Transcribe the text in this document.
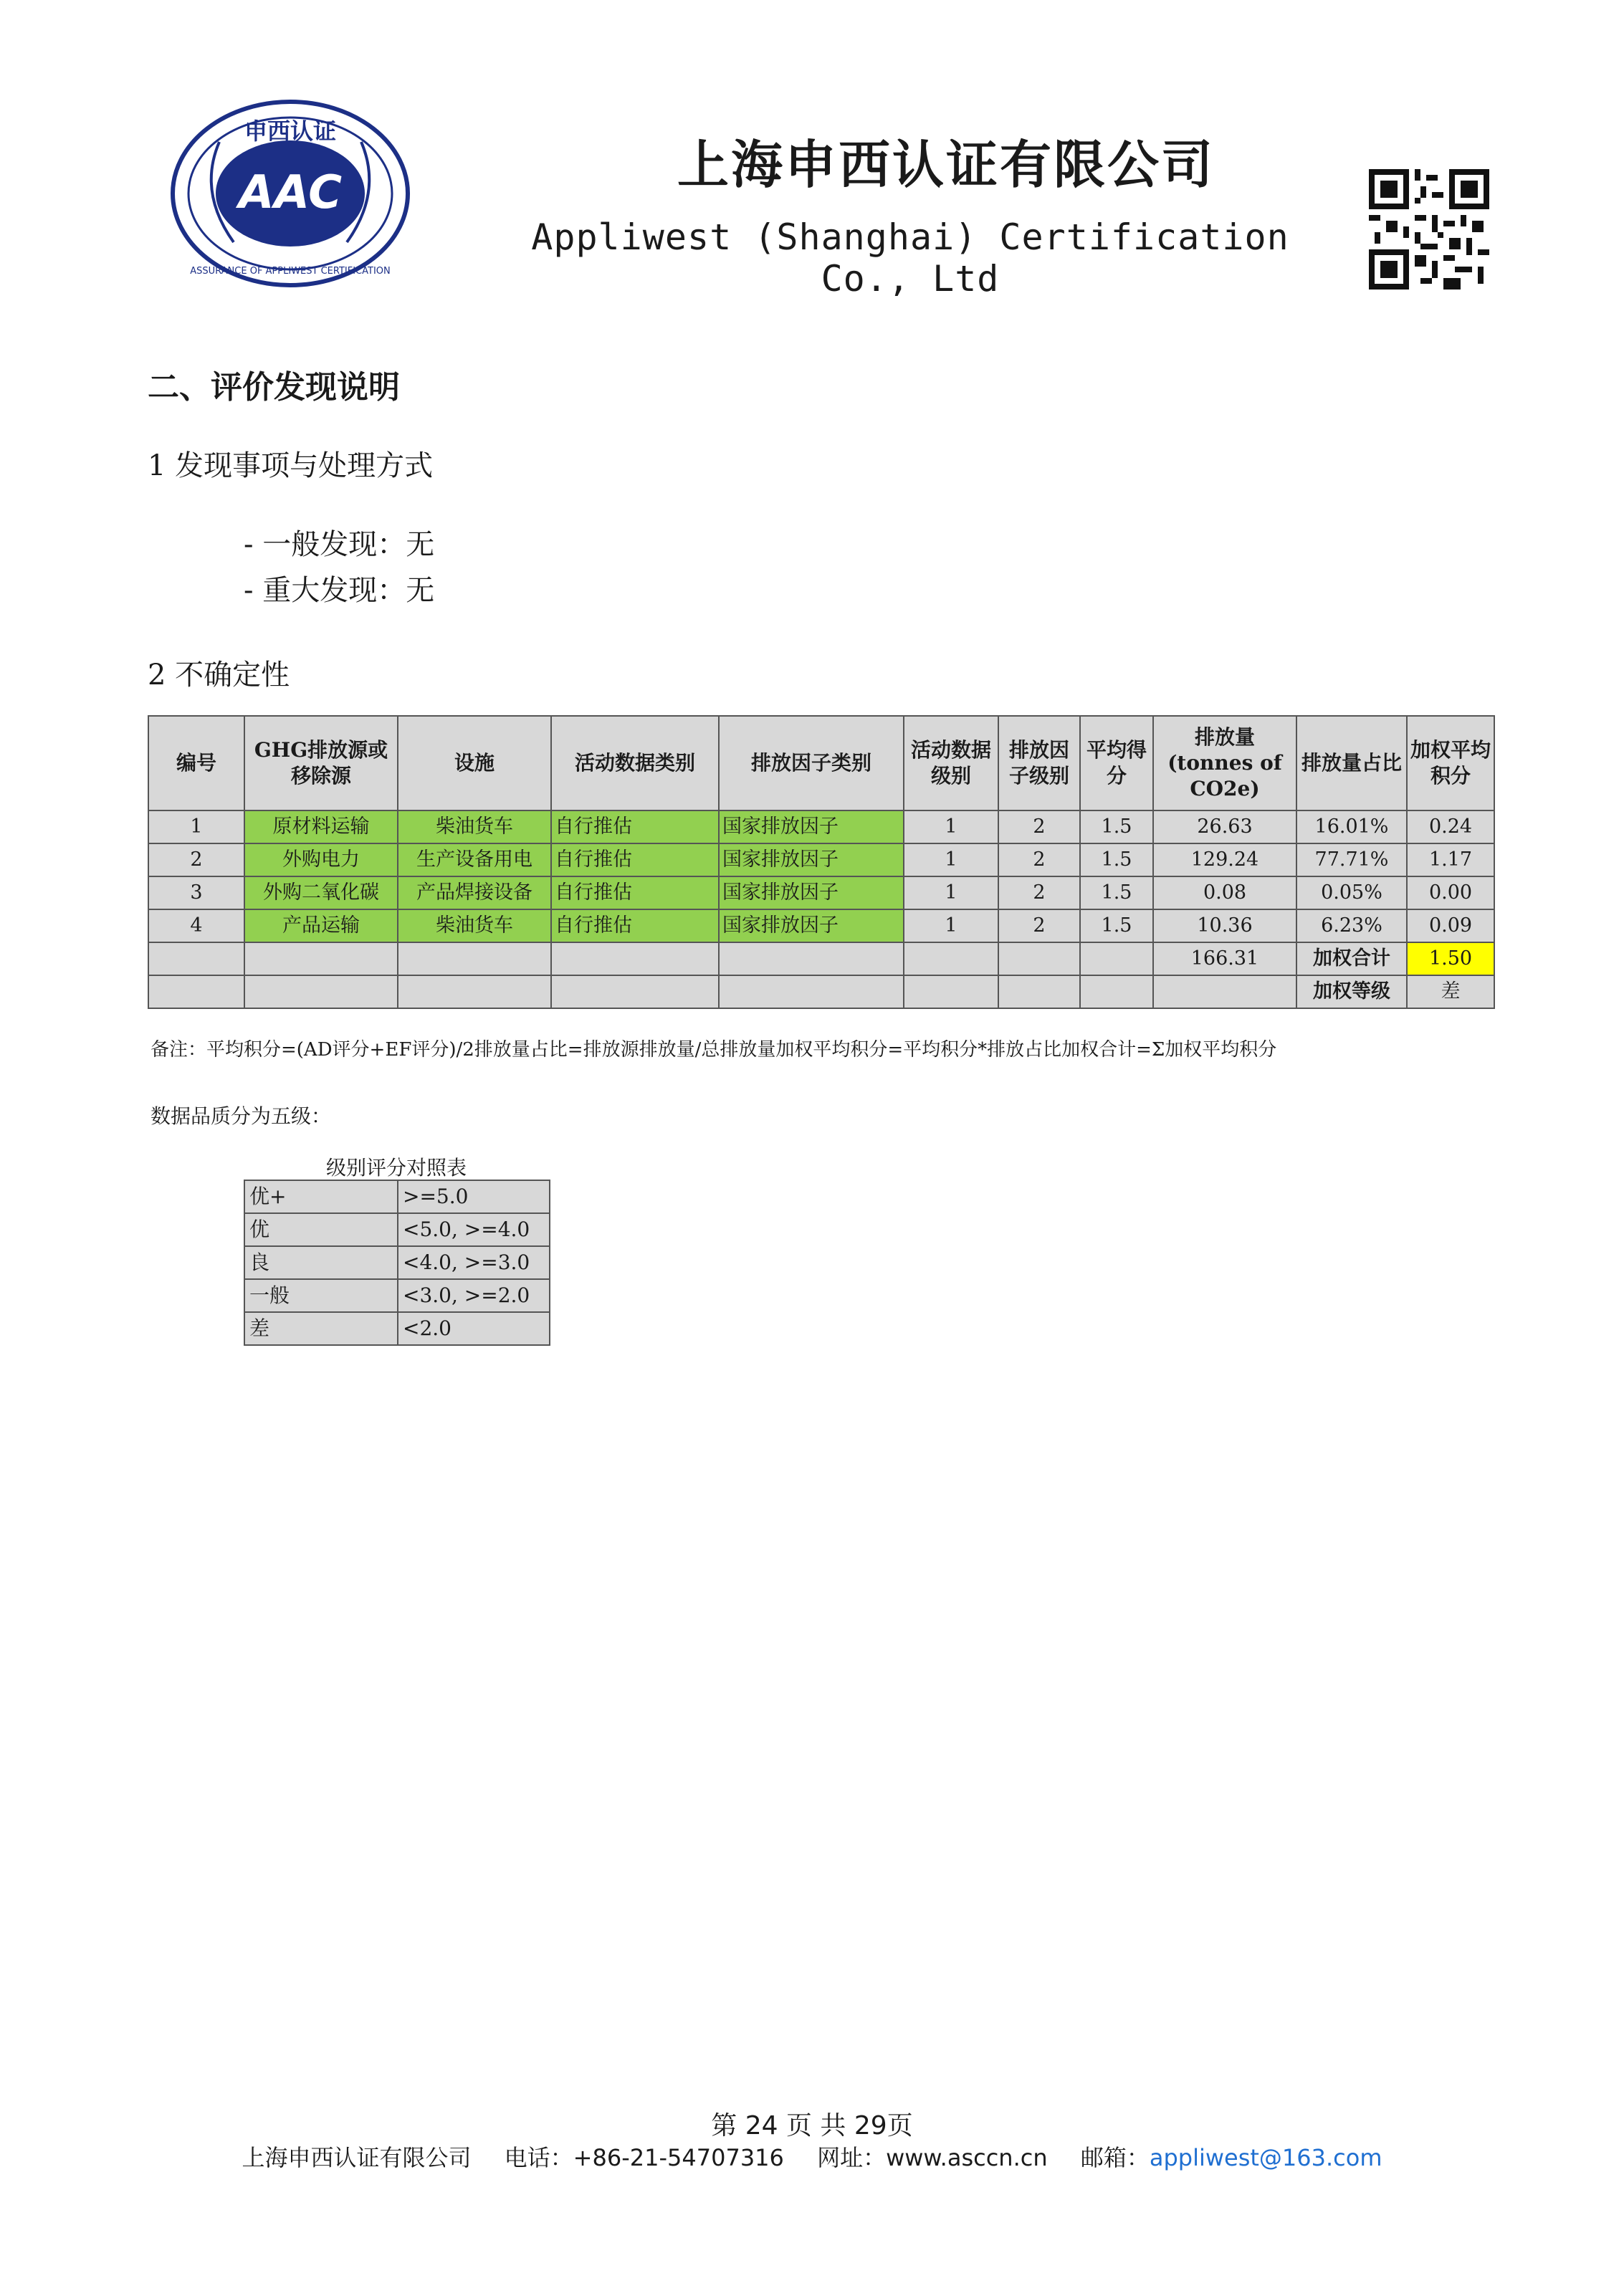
申西认证
AAC
ASSURANCE OF APPLIWEST CERTIFICATION
上海申西认证有限公司
Appliwest (Shanghai) Certification Co., Ltd
二、评价发现说明
1 发现事项与处理方式
- 一般发现：无
- 重大发现：无
2 不确定性
编号	GHG排放源或移除源	设施	活动数据类别	排放因子类别	活动数据级别	排放因子级别	平均得分	排放量(tonnes of CO2e)	排放量占比	加权平均积分
1	原材料运输	柴油货车	自行推估	国家排放因子	1	2	1.5	26.63	16.01%	0.24
2	外购电力	生产设备用电	自行推估	国家排放因子	1	2	1.5	129.24	77.71%	1.17
3	外购二氧化碳	产品焊接设备	自行推估	国家排放因子	1	2	1.5	0.08	0.05%	0.00
4	产品运输	柴油货车	自行推估	国家排放因子	1	2	1.5	10.36	6.23%	0.09
								166.31	加权合计	1.50
									加权等级	差
备注：平均积分=(AD评分+EF评分)/2排放量占比=排放源排放量/总排放量加权平均积分=平均积分*排放占比加权合计=Σ加权平均积分
数据品质分为五级：
级别评分对照表
优+	>=5.0
优	<5.0, >=4.0
良	<4.0, >=3.0
一般	<3.0, >=2.0
差	<2.0
第 24 页 共 29页
上海申西认证有限公司 电话：+86-21-54707316 网址：www.asccn.cn 邮箱：appliwest@163.com
